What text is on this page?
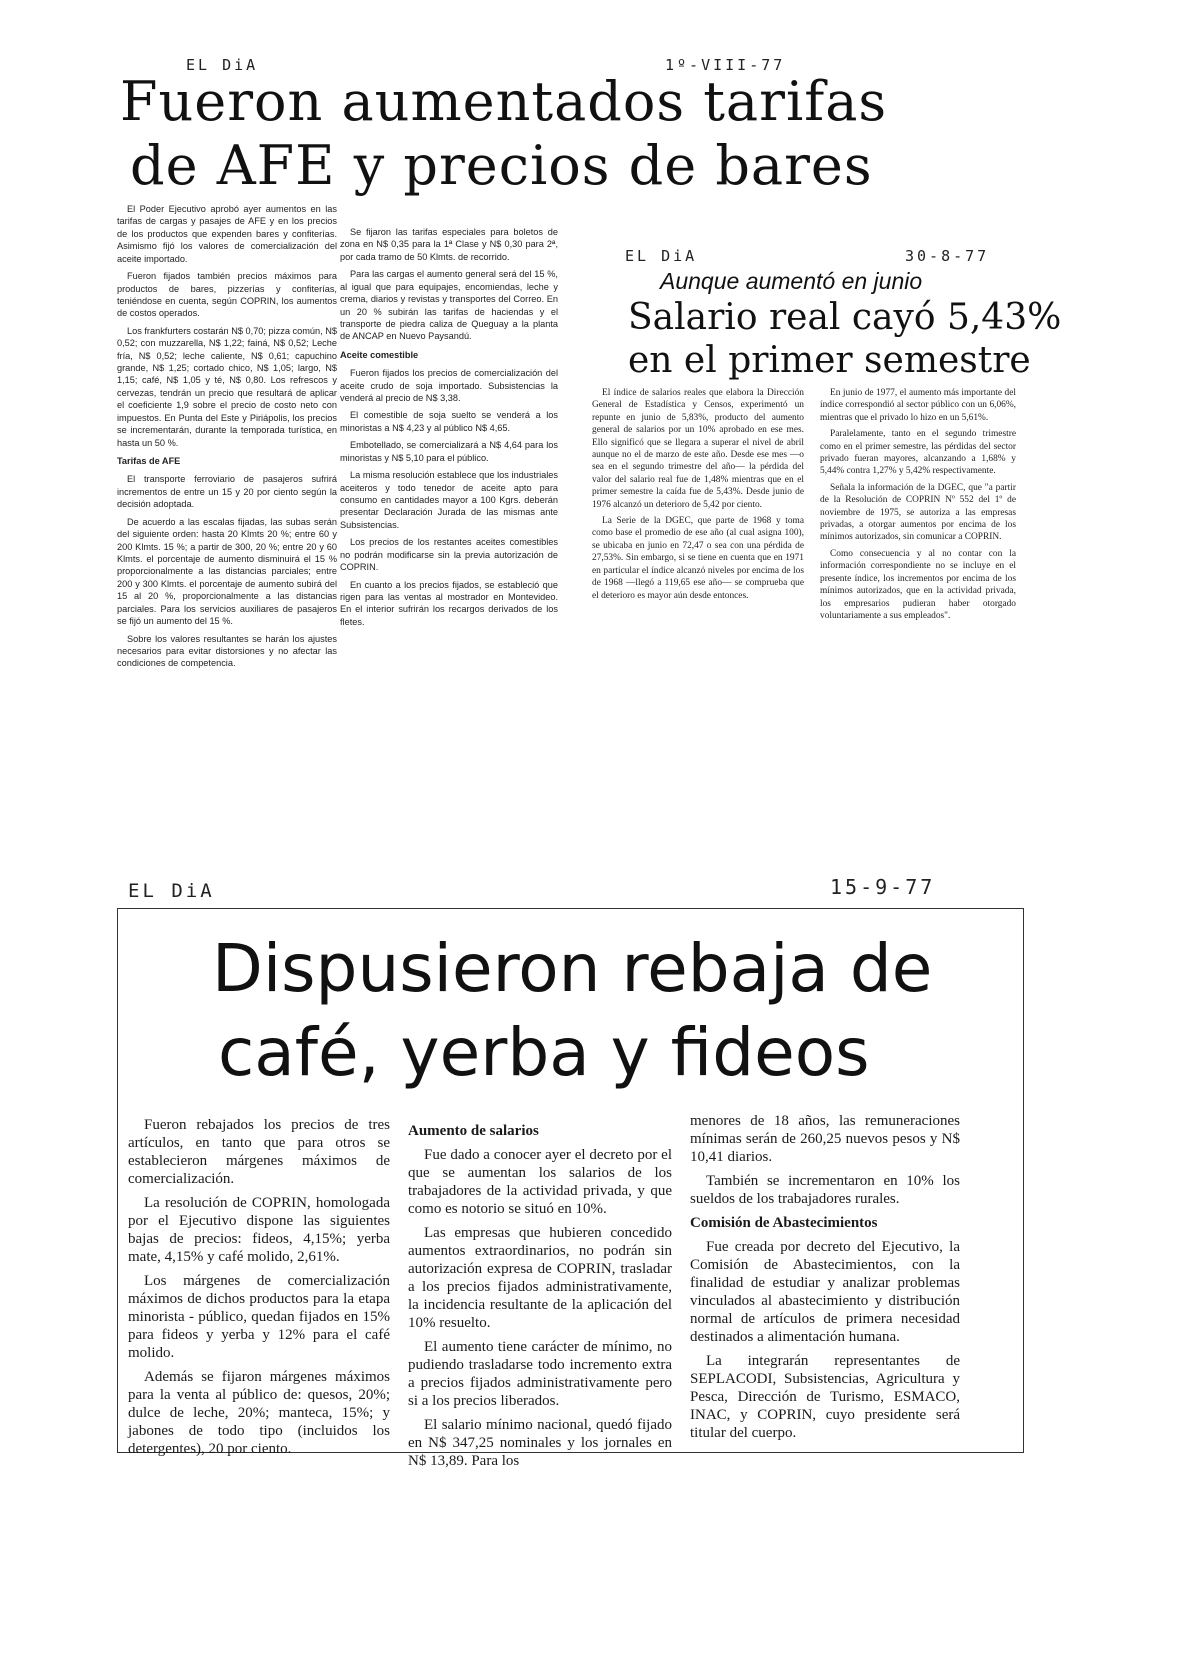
EL DiA	1º-VIII-77
Fueron aumentados tarifas
de AFE y precios de bares

El Poder Ejecutivo aprobó ayer aumentos en las tarifas de cargas y pasajes de AFE y en los precios de los productos que expenden bares y confiterías. Asimismo fijó los valores de comercialización del aceite importado.

Fueron fijados también precios máximos para productos de bares, pizzerías y confiterías, teniéndose en cuenta, según COPRIN, los aumentos de costos operados.

Los frankfurters costarán N$ 0,70; pizza común, N$ 0,52; con muzzarella, N$ 1,22; fainá, N$ 0,52; Leche fría, N$ 0,52; leche caliente, N$ 0,61; capuchino grande, N$ 1,25; cortado chico, N$ 1,05; largo, N$ 1,15; café, N$ 1,05 y té, N$ 0,80. Los refrescos y cervezas, tendrán un precio que resultará de aplicar el coeficiente 1,9 sobre el precio de costo neto con impuestos. En Punta del Este y Piriápolis, los precios se incrementarán, durante la temporada turística, en hasta un 50 %.

Tarifas de AFE

El transporte ferroviario de pasajeros sufrirá incrementos de entre un 15 y 20 por ciento según la decisión adoptada.

De acuerdo a las escalas fijadas, las subas serán del siguiente orden: hasta 20 Klmts 20 %; entre 60 y 200 Klmts. 15 %; a partir de 300, 20 %; entre 20 y 60 Klmts. el porcentaje de aumento disminuirá el 15 % proporcionalmente a las distancias parciales; entre 200 y 300 Klmts. el porcentaje de aumento subirá del 15 al 20 %, proporcionalmente a las distancias parciales. Para los servicios auxiliares de pasajeros se fijó un aumento del 15 %.

Sobre los valores resultantes se harán los ajustes necesarios para evitar distorsiones y no afectar las condiciones de competencia.

Se fijaron las tarifas especiales para boletos de zona en N$ 0,35 para la 1ª Clase y N$ 0,30 para 2ª, por cada tramo de 50 Klmts. de recorrido.

Para las cargas el aumento general será del 15 %, al igual que para equipajes, encomiendas, leche y crema, diarios y revistas y transportes del Correo. En un 20 % subirán las tarifas de haciendas y el transporte de piedra caliza de Queguay a la planta de ANCAP en Nuevo Paysandú.

Aceite comestible

Fueron fijados los precios de comercialización del aceite crudo de soja importado. Subsistencias la venderá al precio de N$ 3,38.

El comestible de soja suelto se venderá a los minoristas a N$ 4,23 y al público N$ 4,65.

Embotellado, se comercializará a N$ 4,64 para los minoristas y N$ 5,10 para el público.

La misma resolución establece que los industriales aceiteros y todo tenedor de aceite apto para consumo en cantidades mayor a 100 Kgrs. deberán presentar Declaración Jurada de las mismas ante Subsistencias.

Los precios de los restantes aceites comestibles no podrán modificarse sin la previa autorización de COPRIN.

En cuanto a los precios fijados, se estableció que rigen para las ventas al mostrador en Montevideo. En el interior sufrirán los recargos derivados de los fletes.

EL DiA	30-8-77
Aunque aumentó en junio
Salario real cayó 5,43%
en el primer semestre

El índice de salarios reales que elabora la Dirección General de Estadística y Censos, experimentó un repunte en junio de 5,83%, producto del aumento general de salarios por un 10% aprobado en ese mes. Ello significó que se llegara a superar el nivel de abril aunque no el de marzo de este año. Desde ese mes —o sea en el segundo trimestre del año— la pérdida del valor del salario real fue de 1,48% mientras que en el primer semestre la caída fue de 5,43%. Desde junio de 1976 alcanzó un deterioro de 5,42 por ciento.

La Serie de la DGEC, que parte de 1968 y toma como base el promedio de ese año (al cual asigna 100), se ubicaba en junio en 72,47 o sea con una pérdida de 27,53%. Sin embargo, si se tiene en cuenta que en 1971 en particular el índice alcanzó niveles por encima de los de 1968 —llegó a 119,65 ese año— se comprueba que el deterioro es mayor aún desde entonces.

En junio de 1977, el aumento más importante del índice correspondió al sector público con un 6,06%, mientras que el privado lo hizo en un 5,61%.

Paralelamente, tanto en el segundo trimestre como en el primer semestre, las pérdidas del sector privado fueran mayores, alcanzando a 1,68% y 5,44% contra 1,27% y 5,42% respectivamente.

Señala la información de la DGEC, que "a partir de la Resolución de COPRIN Nº 552 del 1º de noviembre de 1975, se autoriza a las empresas privadas, a otorgar aumentos por encima de los mínimos autorizados, sin comunicar a COPRIN.

Como consecuencia y al no contar con la información correspondiente no se incluye en el presente índice, los incrementos por encima de los mínimos autorizados, que en la actividad privada, los empresarios pudieran haber otorgado voluntariamente a sus empleados".

EL DiA	15-9-77
Dispusieron rebaja de
café, yerba y fideos

Fueron rebajados los precios de tres artículos, en tanto que para otros se establecieron márgenes máximos de comercialización.

La resolución de COPRIN, homologada por el Ejecutivo dispone las siguientes bajas de precios: fideos, 4,15%; yerba mate, 4,15% y café molido, 2,61%.

Los márgenes de comercialización máximos de dichos productos para la etapa minorista - público, quedan fijados en 15% para fideos y yerba y 12% para el café molido.

Además se fijaron márgenes máximos para la venta al público de: quesos, 20%; dulce de leche, 20%; manteca, 15%; y jabones de todo tipo (incluidos los detergentes), 20 por ciento.

Aumento de salarios

Fue dado a conocer ayer el decreto por el que se aumentan los salarios de los trabajadores de la actividad privada, y que como es notorio se situó en 10%.

Las empresas que hubieren concedido aumentos extraordinarios, no podrán sin autorización expresa de COPRIN, trasladar a los precios fijados administrativamente, la incidencia resultante de la aplicación del 10% resuelto.

El aumento tiene carácter de mínimo, no pudiendo trasladarse todo incremento extra a precios fijados administrativamente pero si a los precios liberados.

El salario mínimo nacional, quedó fijado en N$ 347,25 nominales y los jornales en N$ 13,89. Para los

menores de 18 años, las remuneraciones mínimas serán de 260,25 nuevos pesos y N$ 10,41 diarios.

También se incrementaron en 10% los sueldos de los trabajadores rurales.

Comisión de Abastecimientos

Fue creada por decreto del Ejecutivo, la Comisión de Abastecimientos, con la finalidad de estudiar y analizar problemas vinculados al abastecimiento y distribución normal de artículos de primera necesidad destinados a alimentación humana.

La integrarán representantes de SEPLACODI, Subsistencias, Agricultura y Pesca, Dirección de Turismo, ESMACO, INAC, y COPRIN, cuyo presidente será titular del cuerpo.
